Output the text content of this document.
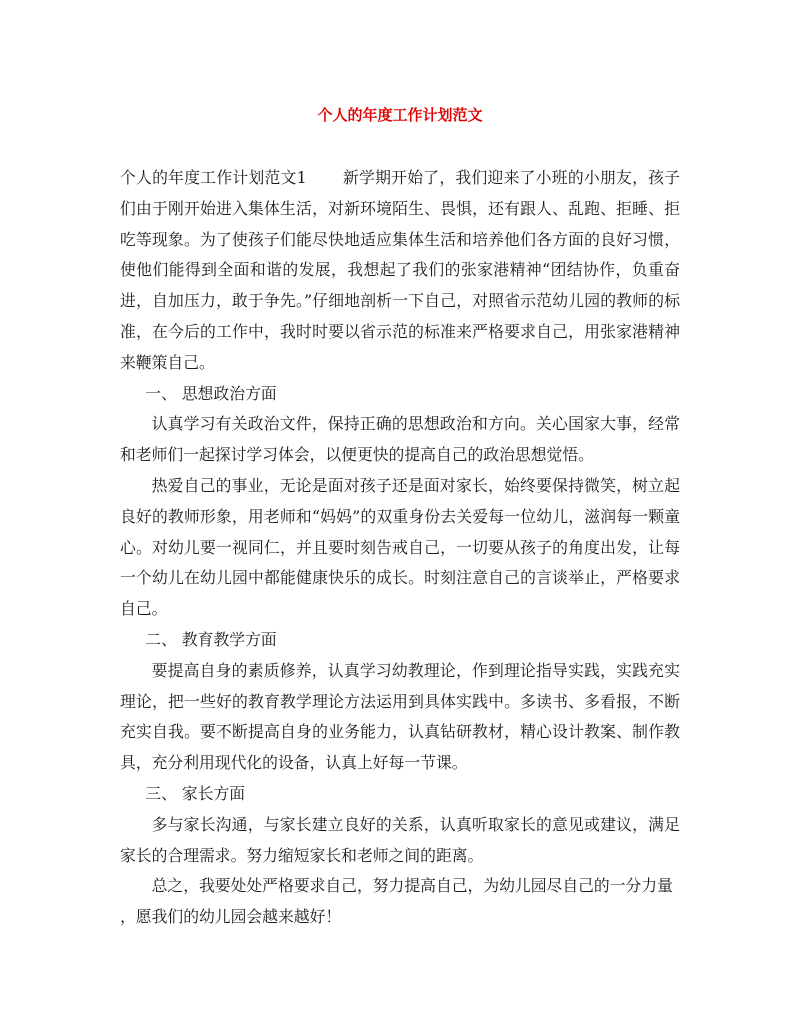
个人的年度工作计划范文

个人的年度工作计划范文1 新学期开始了，我们迎来了小班的小朋友，孩子们由于刚开始进入集体生活，对新环境陌生、畏惧，还有跟人、乱跑、拒睡、拒吃等现象。为了使孩子们能尽快地适应集体生活和培养他们各方面的良好习惯，使他们能得到全面和谐的发展，我想起了我们的张家港精神“团结协作，负重奋进，自加压力，敢于争先。”仔细地剖析一下自己，对照省示范幼儿园的教师的标准，在今后的工作中，我时时要以省示范的标准来严格要求自己，用张家港精神来鞭策自己。

一、 思想政治方面

认真学习有关政治文件，保持正确的思想政治和方向。关心国家大事，经常和老师们一起探讨学习体会，以便更快的提高自己的政治思想觉悟。

热爱自己的事业，无论是面对孩子还是面对家长，始终要保持微笑，树立起良好的教师形象，用老师和“妈妈”的双重身份去关爱每一位幼儿，滋润每一颗童心。对幼儿要一视同仁，并且要时刻告戒自己，一切要从孩子的角度出发，让每一个幼儿在幼儿园中都能健康快乐的成长。时刻注意自己的言谈举止，严格要求自己。

二、 教育教学方面

要提高自身的素质修养，认真学习幼教理论，作到理论指导实践，实践充实理论，把一些好的教育教学理论方法运用到具体实践中。多读书、多看报，不断充实自我。要不断提高自身的业务能力，认真钻研教材，精心设计教案、制作教具，充分利用现代化的设备，认真上好每一节课。

三、 家长方面

多与家长沟通，与家长建立良好的关系，认真听取家长的意见或建议，满足家长的合理需求。努力缩短家长和老师之间的距离。

总之，我要处处严格要求自己，努力提高自己，为幼儿园尽自己的一分力量

，愿我们的幼儿园会越来越好！
